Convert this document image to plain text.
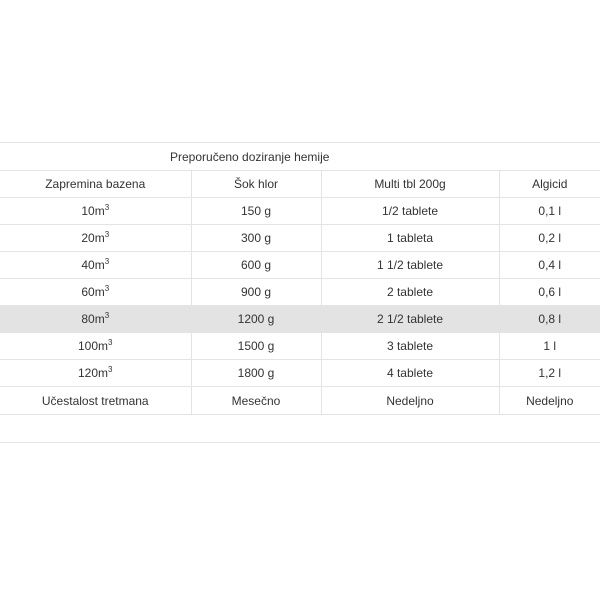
Preporučeno doziranje hemije			
Zapremina bazena	Šok hlor	Multi tbl 200g	Algicid
$10m^3$	150 g	1/2 tablete	0,1 l
$20m^3$	300 g	1 tableta	0,2 l
$40m^3$	600 g	1 1/2 tablete	0,4 l
$60m^3$	900 g	2 tablete	0,6 l
$80m^3$	1200 g	2 1/2 tablete	0,8 l
$100m^3$	1500 g	3 tablete	1 l
$120m^3$	1800 g	4 tablete	1,2 l
Učestalost tretmana	Mesečno	Nedeljno	Nedeljno
